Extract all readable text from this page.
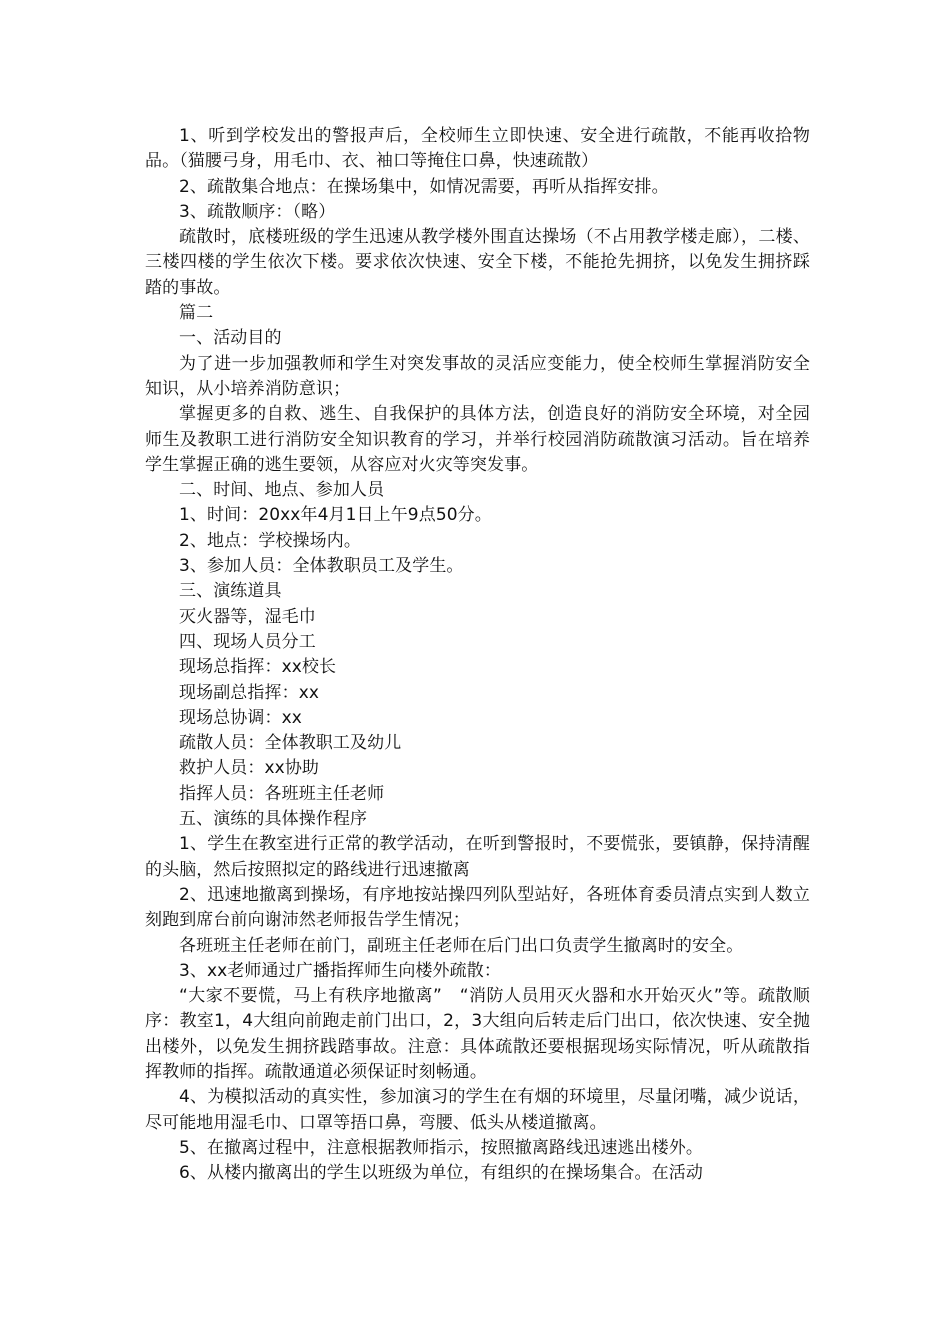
1、听到学校发出的警报声后，全校师生立即快速、安全进行疏散，不能再收拾物品。（猫腰弓身，用毛巾、衣、袖口等掩住口鼻，快速疏散）

2、疏散集合地点：在操场集中，如情况需要，再听从指挥安排。

3、疏散顺序：（略）

疏散时，底楼班级的学生迅速从教学楼外围直达操场（不占用教学楼走廊），二楼、三楼四楼的学生依次下楼。要求依次快速、安全下楼，不能抢先拥挤，以免发生拥挤踩踏的事故。

篇二

一、活动目的

为了进一步加强教师和学生对突发事故的灵活应变能力，使全校师生掌握消防安全知识，从小培养消防意识；

掌握更多的自救、逃生、自我保护的具体方法，创造良好的消防安全环境，对全园师生及教职工进行消防安全知识教育的学习，并举行校园消防疏散演习活动。旨在培养学生掌握正确的逃生要领，从容应对火灾等突发事。

二、时间、地点、参加人员

1、时间：20xx年4月1日上午9点50分。

2、地点：学校操场内。

3、参加人员：全体教职员工及学生。

三、演练道具

灭火器等，湿毛巾

四、现场人员分工

现场总指挥：xx校长

现场副总指挥：xx

现场总协调：xx

疏散人员：全体教职工及幼儿

救护人员：xx协助

指挥人员：各班班主任老师

五、演练的具体操作程序

1、学生在教室进行正常的教学活动，在听到警报时，不要慌张，要镇静，保持清醒的头脑，然后按照拟定的路线进行迅速撤离

2、迅速地撤离到操场，有序地按站操四列队型站好，各班体育委员清点实到人数立刻跑到席台前向谢沛然老师报告学生情况；

各班班主任老师在前门，副班主任老师在后门出口负责学生撤离时的安全。

3、xx老师通过广播指挥师生向楼外疏散：

“大家不要慌，马上有秩序地撤离”　“消防人员用灭火器和水开始灭火”等。疏散顺序：教室1，4大组向前跑走前门出口，2，3大组向后转走后门出口，依次快速、安全抛出楼外，以免发生拥挤践踏事故。注意：具体疏散还要根据现场实际情况，听从疏散指挥教师的指挥。疏散通道必须保证时刻畅通。

4、为模拟活动的真实性，参加演习的学生在有烟的环境里，尽量闭嘴，减少说话，尽可能地用湿毛巾、口罩等捂口鼻，弯腰、低头从楼道撤离。

5、在撤离过程中，注意根据教师指示，按照撤离路线迅速逃出楼外。

6、从楼内撤离出的学生以班级为单位，有组织的在操场集合。在活动
